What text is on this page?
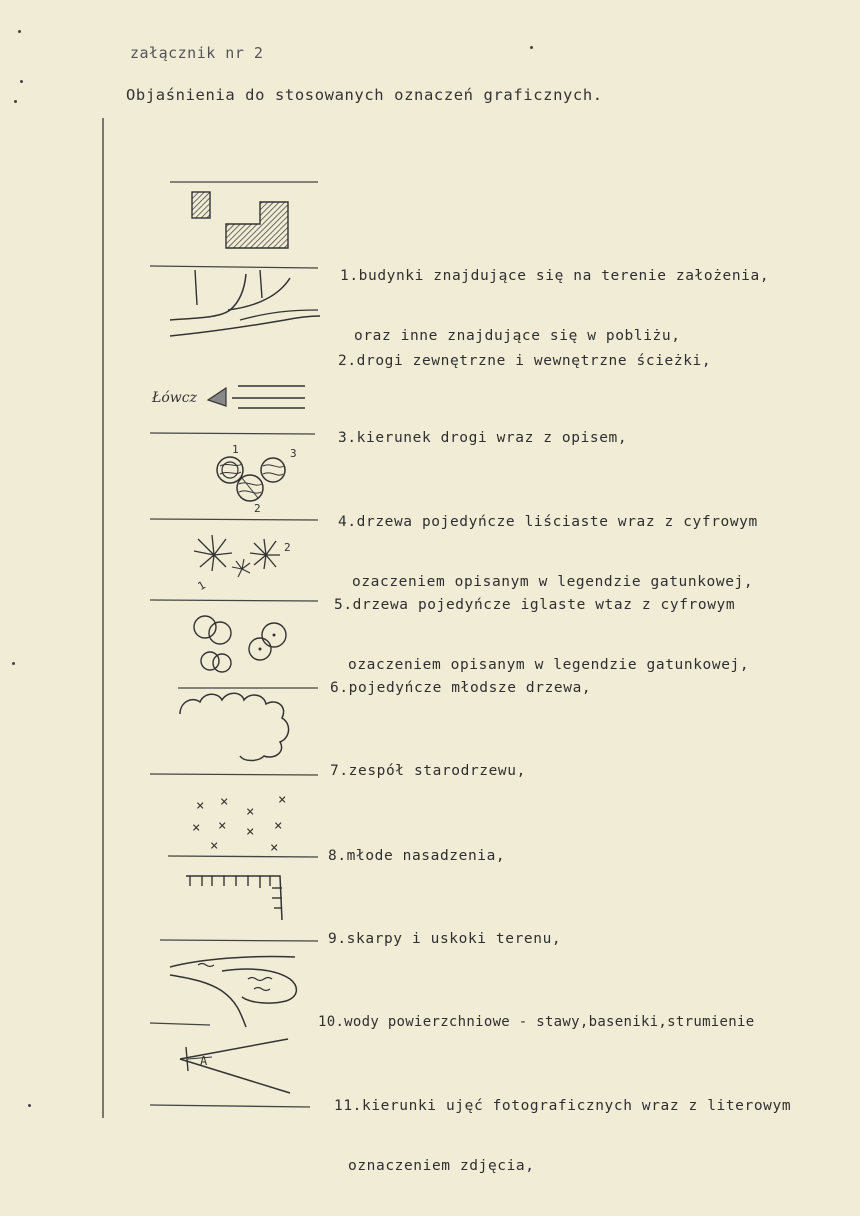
załącznik nr 2
Objaśnienia do stosowanych oznaczeń graficznych.
Łówcz
1
2
3
1
2
× ×	×
×
× × × ×
×	×
A

1.budynki znajdujące się na terenie założenia,

oraz inne znajdujące się w pobliżu,

2.drogi zewnętrzne i wewnętrzne ścieżki,

3.kierunek drogi wraz z opisem,

4.drzewa pojedyńcze liściaste wraz z cyfrowym

ozaczeniem opisanym w legendzie gatunkowej,

5.drzewa pojedyńcze iglaste wtaz z cyfrowym

ozaczeniem opisanym w legendzie gatunkowej,

6.pojedyńcze młodsze drzewa,

7.zespół starodrzewu,

8.młode nasadzenia,

9.skarpy i uskoki terenu,

10.wody powierzchniowe - stawy,baseniki,strumienie

11.kierunki ujęć fotograficznych wraz z literowym

oznaczeniem zdjęcia,
